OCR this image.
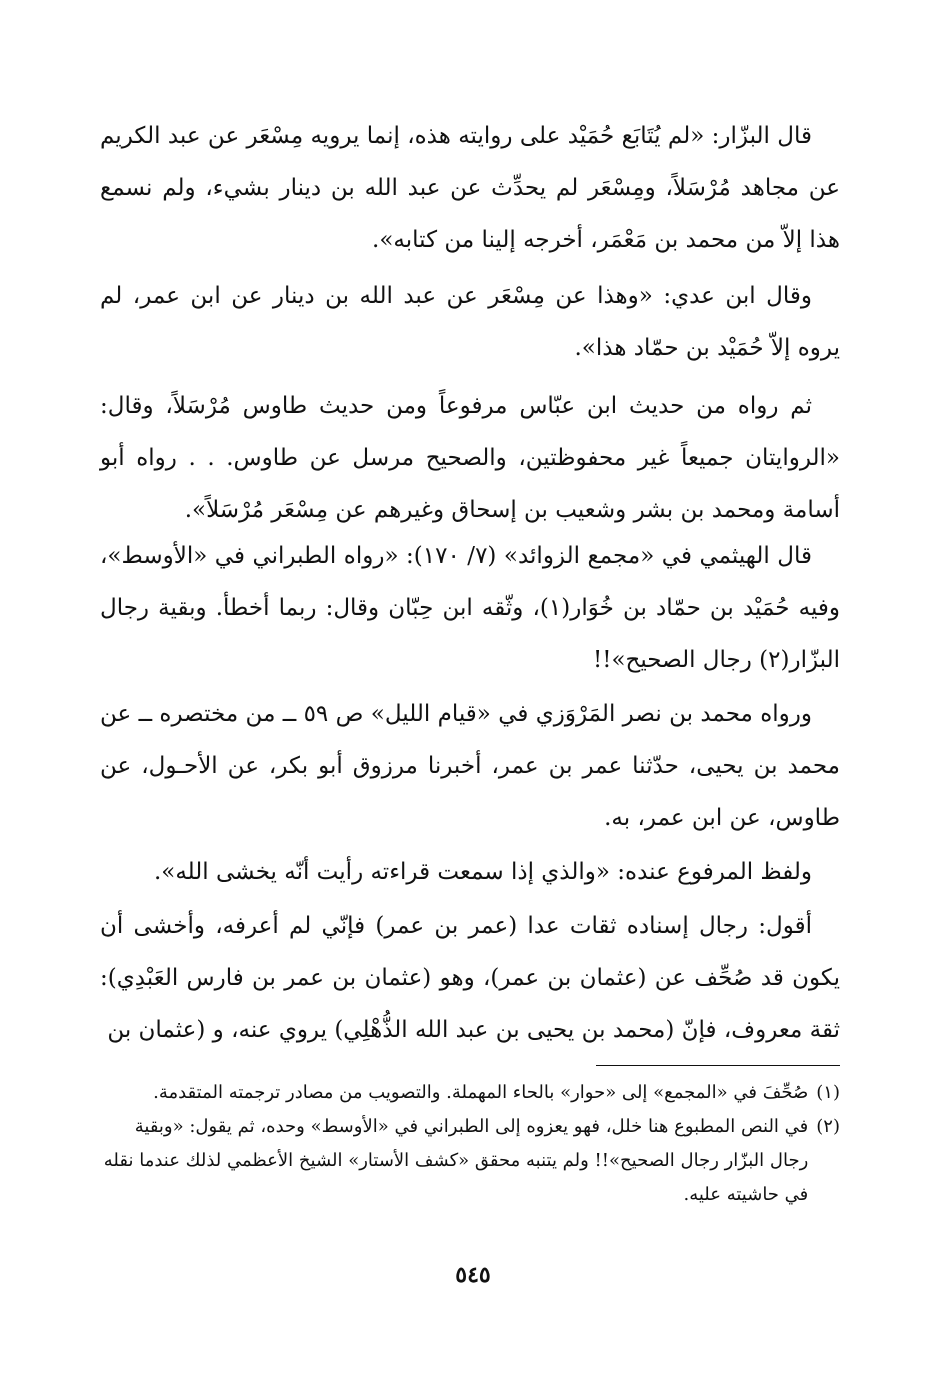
قال البزّار: «لم يُتَابَع حُمَيْد على روايته هذه، إنما يرويه مِسْعَر عن عبد الكريم عن مجاهد مُرْسَلاً، ومِسْعَر لم يحدِّث عن عبد الله بن دينار بشيء، ولم نسمع هذا إلاّ من محمد بن مَعْمَر، أخرجه إلينا من كتابه».

وقال ابن عدي: «وهذا عن مِسْعَر عن عبد الله بن دينار عن ابن عمر، لم يروه إلاّ حُمَيْد بن حمّاد هذا».

ثم رواه من حديث ابن عبّاس مرفوعاً ومن حديث طاوس مُرْسَلاً، وقال: «الروايتان جميعاً غير محفوظتين، والصحيح مرسل عن طاوس. . . رواه أبو أسامة ومحمد بن بشر وشعيب بن إسحاق وغيرهم عن مِسْعَر مُرْسَلاً».

قال الهيثمي في «مجمع الزوائد» (٧/ ١٧٠): «رواه الطبراني في «الأوسط»، وفيه حُمَيْد بن حمّاد بن خُوَار(١)، وثّقه ابن حِبّان وقال: ربما أخطأ. وبقية رجال البزّار(٢) رجال الصحيح»!!

ورواه محمد بن نصر المَرْوَزي في «قيام الليل» ص ٥٩ ــ من مختصره ــ عن محمد بن يحيى، حدّثنا عمر بن عمر، أخبرنا مرزوق أبو بكر، عن الأحـول، عن طاوس، عن ابن عمر، به.

ولفظ المرفوع عنده: «والذي إذا سمعت قراءته رأيت أنّه يخشى الله».

أقول: رجال إسناده ثقات عدا (عمر بن عمر) فإنّي لم أعرفه، وأخشى أن يكون قد صُحِّف عن (عثمان بن عمر)، وهو (عثمان بن عمر بن فارس العَبْدِي): ثقة معروف، فإنّ (محمد بن يحيى بن عبد الله الذُّهْلِي) يروي عنه، و (عثمان بن

(١)
صُحِّفَ في «المجمع» إلى «حوار» بالحاء المهملة. والتصويب من مصادر ترجمته المتقدمة.
(٢)
في النص المطبوع هنا خلل، فهو يعزوه إلى الطبراني في «الأوسط» وحده، ثم يقول: «وبقية رجال البزّار رجال الصحيح»!! ولم يتنبه محقق «كشف الأستار» الشيخ الأعظمي لذلك عندما نقله في حاشيته عليه.
٥٤٥
